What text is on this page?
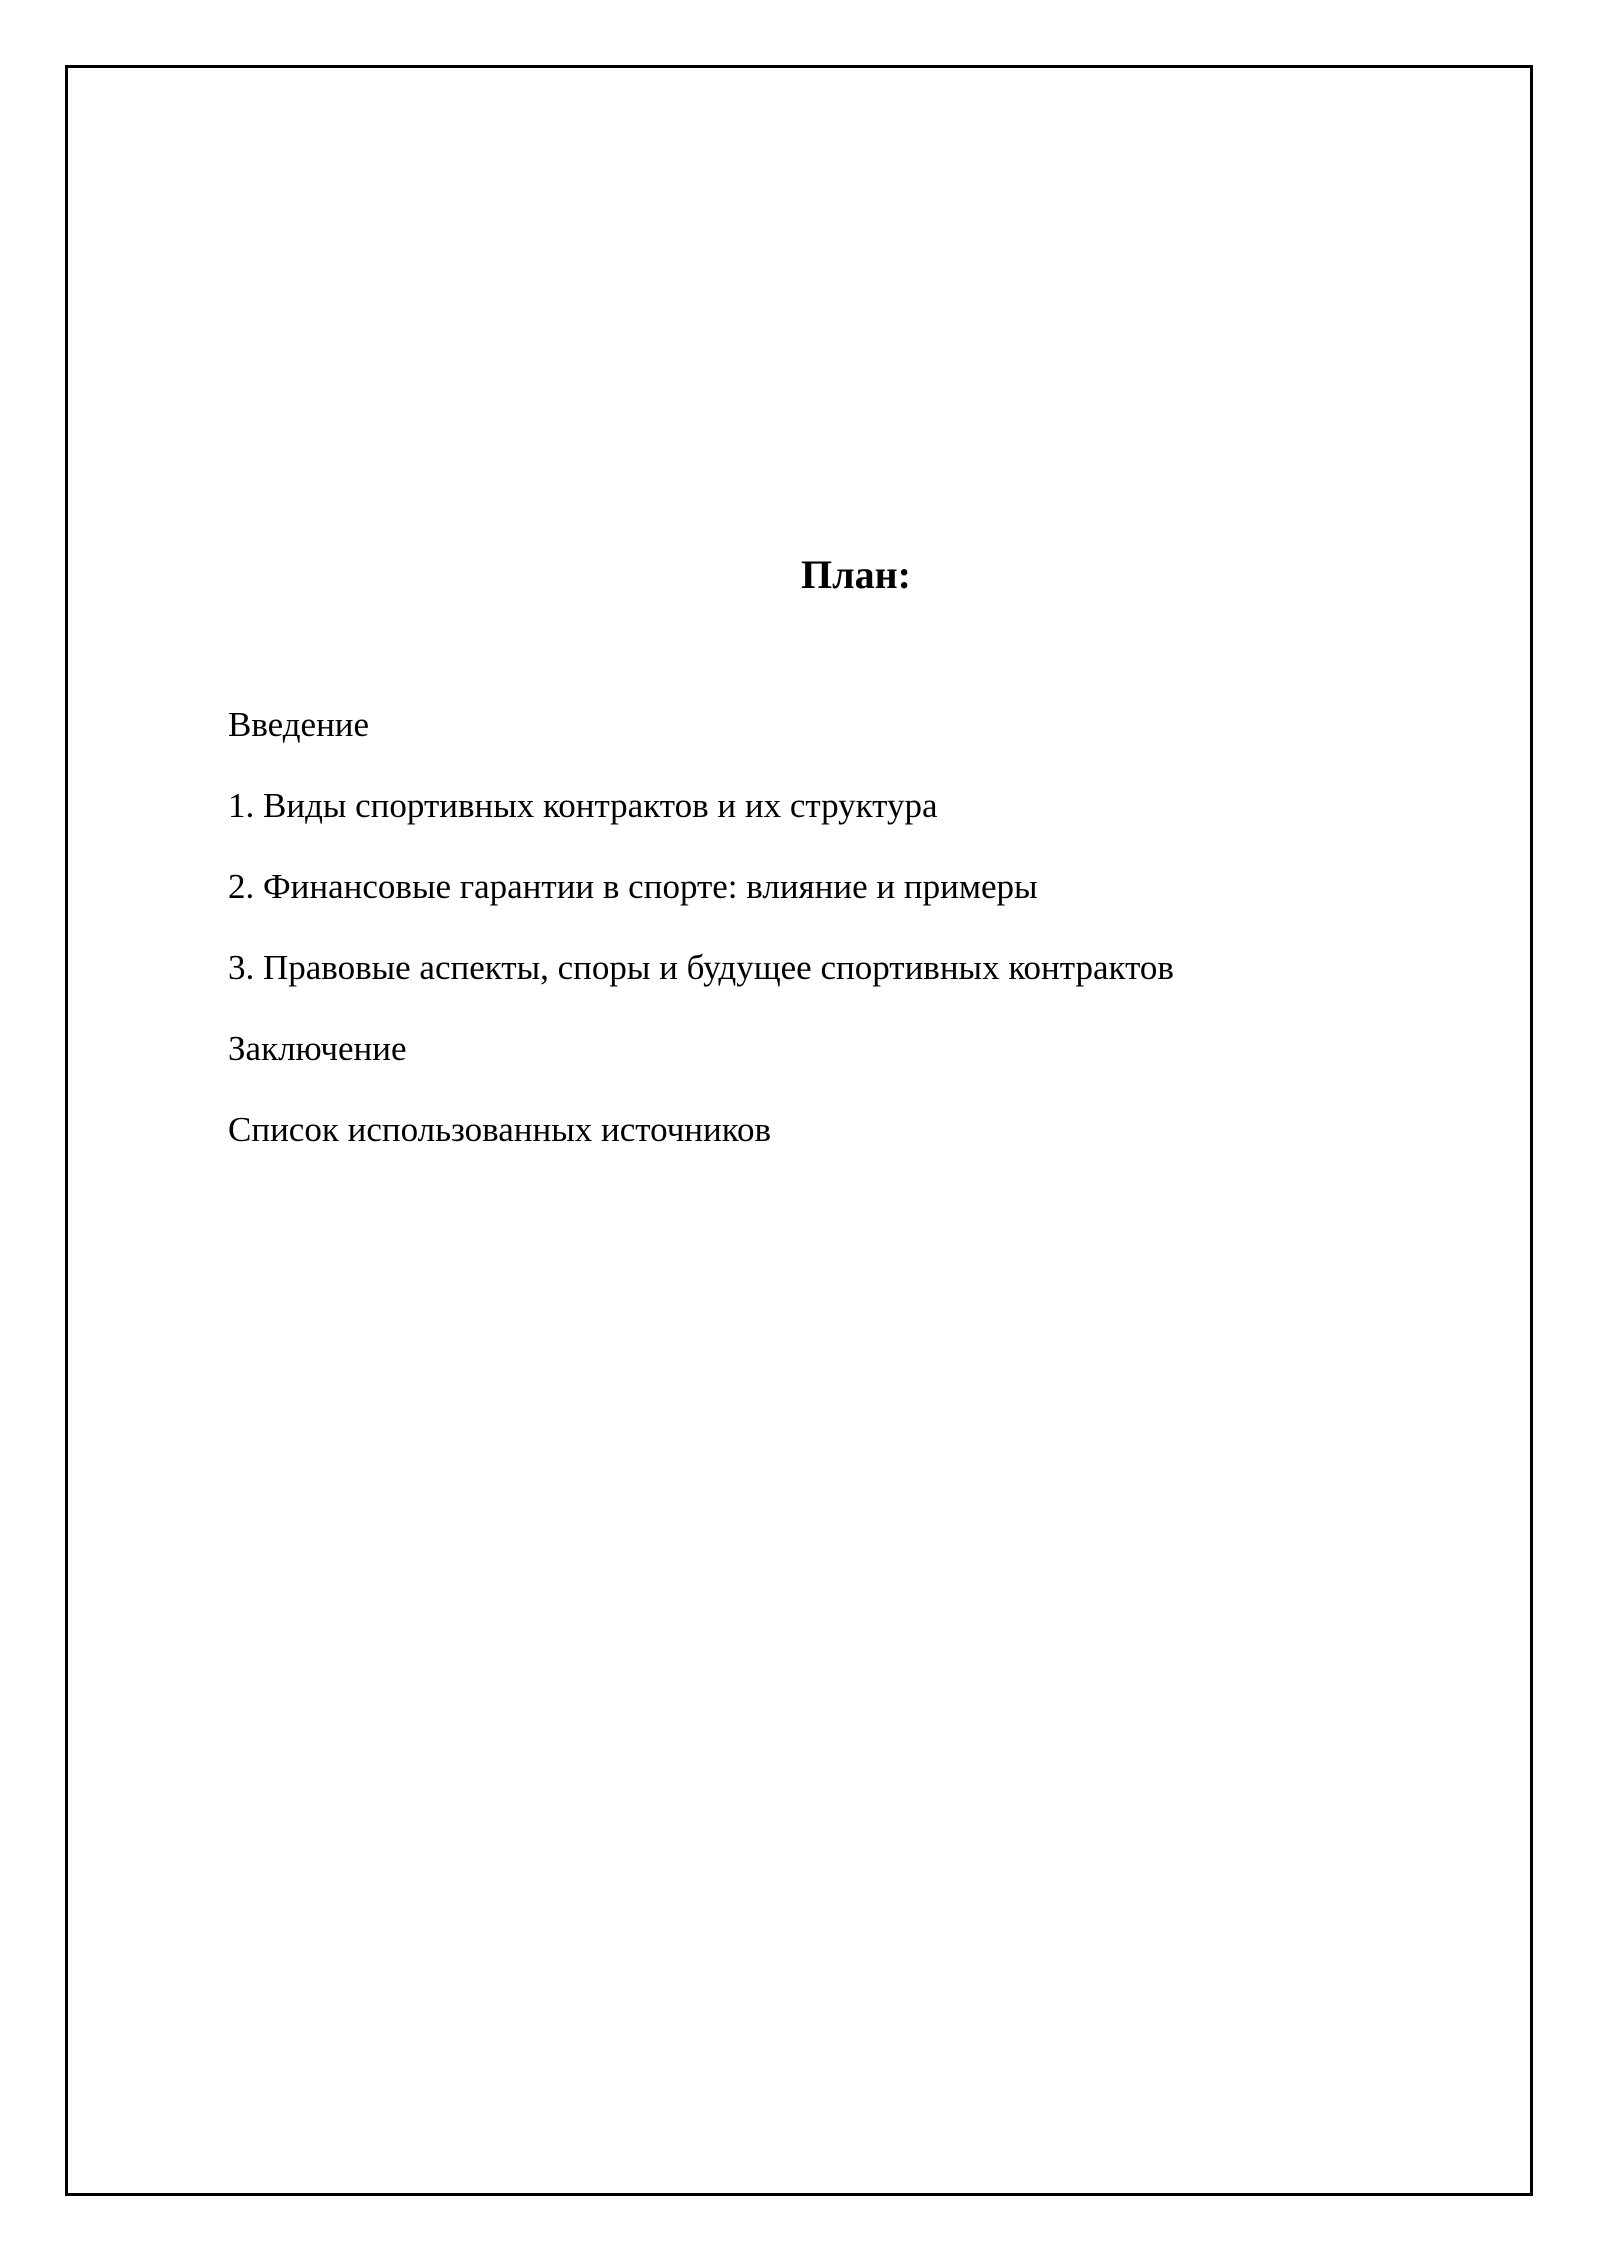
План:
Введение
1. Виды спортивных контрактов и их структура
2. Финансовые гарантии в спорте: влияние и примеры
3. Правовые аспекты, споры и будущее спортивных контрактов
Заключение
Список использованных источников
